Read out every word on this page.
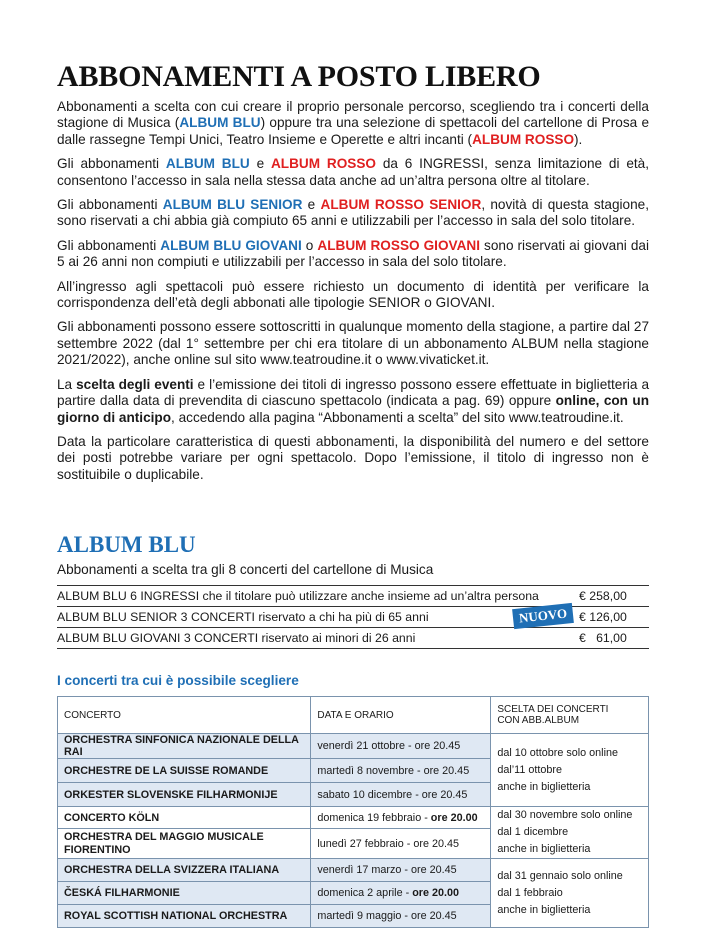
ABBONAMENTI A POSTO LIBERO

Abbonamenti a scelta con cui creare il proprio personale percorso, scegliendo tra i concerti della stagione di Musica (ALBUM BLU) oppure tra una selezione di spettacoli del cartellone di Prosa e dalle rassegne Tempi Unici, Teatro Insieme e Operette e altri incanti (ALBUM ROSSO).

Gli abbonamenti ALBUM BLU e ALBUM ROSSO da 6 INGRESSI, senza limitazione di età, consentono l’accesso in sala nella stessa data anche ad un’altra persona oltre al titolare.

Gli abbonamenti ALBUM BLU SENIOR e ALBUM ROSSO SENIOR, novità di questa stagione, sono riservati a chi abbia già compiuto 65 anni e utilizzabili per l’accesso in sala del solo titolare.

Gli abbonamenti ALBUM BLU GIOVANI o ALBUM ROSSO GIOVANI sono riservati ai giovani dai 5 ai 26 anni non compiuti e utilizzabili per l’accesso in sala del solo titolare.

All’ingresso agli spettacoli può essere richiesto un documento di identità per verificare la corrispondenza dell’età degli abbonati alle tipologie SENIOR o GIOVANI.

Gli abbonamenti possono essere sottoscritti in qualunque momento della stagione, a partire dal 27 settembre 2022 (dal 1° settembre per chi era titolare di un abbonamento ALBUM nella stagione 2021/2022), anche online sul sito www.teatroudine.it o www.vivaticket.it.

La scelta degli eventi e l’emissione dei titoli di ingresso possono essere effettuate in biglietteria a partire dalla data di prevendita di ciascuno spettacolo (indicata a pag. 69) oppure online, con un giorno di anticipo, accedendo alla pagina “Abbonamenti a scelta” del sito www.teatroudine.it.

Data la particolare caratteristica di questi abbonamenti, la disponibilità del numero e del settore dei posti potrebbe variare per ogni spettacolo. Dopo l’emissione, il titolo di ingresso non è sostituibile o duplicabile.

ALBUM BLU
Abbonamenti a scelta tra gli 8 concerti del cartellone di Musica
ALBUM BLU 6 INGRESSI che il titolare può utilizzare anche insieme ad un’altra persona	€ 258,00
ALBUM BLU SENIOR 3 CONCERTI riservato a chi ha più di 65 anni	NUOVO € 126,00
ALBUM BLU GIOVANI 3 CONCERTI riservato ai minori di 26 anni	€   61,00
I concerti tra cui è possibile scegliere
CONCERTO	DATA E ORARIO	SCELTA DEI CONCERTI
CON ABB.ALBUM
ORCHESTRA SINFONICA NAZIONALE DELLA RAI	venerdì 21 ottobre - ore 20.45	dal 10 ottobre solo online
dal’11 ottobre
anche in biglietteria
ORCHESTRE DE LA SUISSE ROMANDE	martedì 8 novembre - ore 20.45	
ORKESTER SLOVENSKE FILHARMONIJE	sabato 10 dicembre - ore 20.45	
CONCERTO KÖLN	domenica 19 febbraio - ore 20.00	dal 30 novembre solo online
dal 1 dicembre
anche in biglietteria
ORCHESTRA DEL MAGGIO MUSICALE FIORENTINO	lunedì 27 febbraio - ore 20.45	
ORCHESTRA DELLA SVIZZERA ITALIANA	venerdì 17 marzo - ore 20.45	dal 31 gennaio solo online
dal 1 febbraio
anche in biglietteria
ČESKÁ FILHARMONIE	domenica 2 aprile - ore 20.00	
ROYAL SCOTTISH NATIONAL ORCHESTRA	martedì 9 maggio - ore 20.45	
